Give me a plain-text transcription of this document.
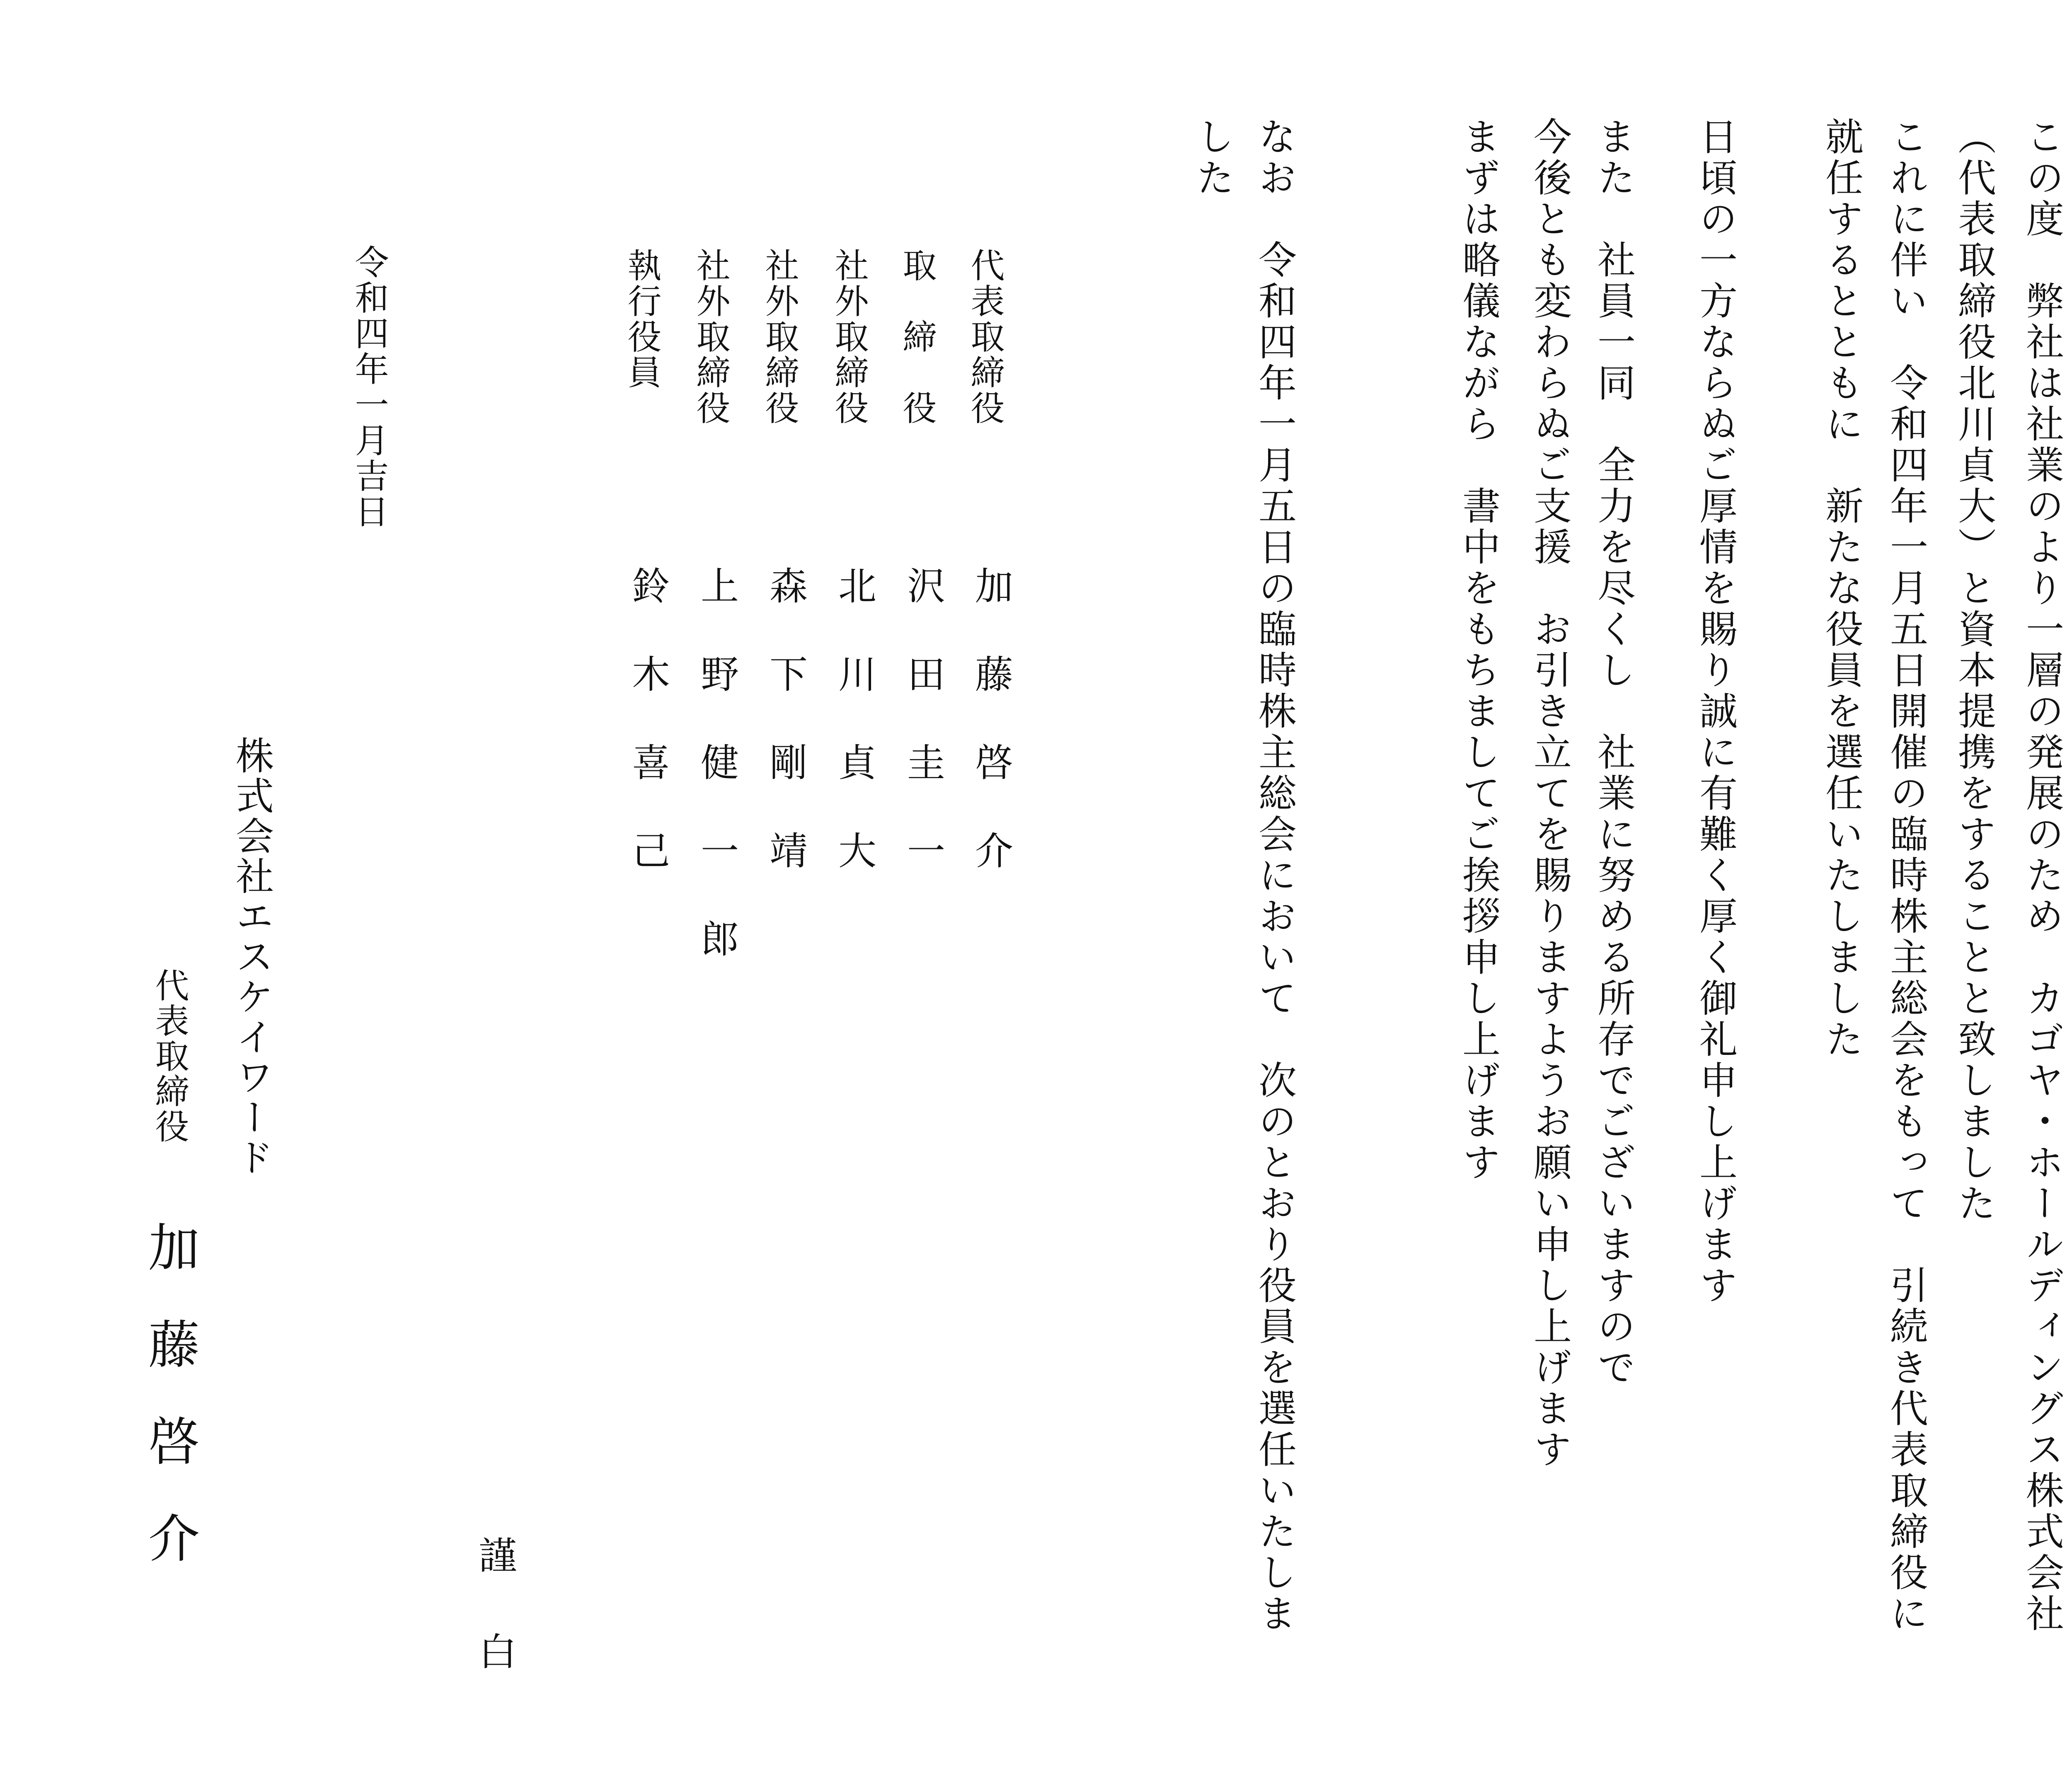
この度　弊社は社業のより一層の発展のため　カゴヤ・ホールディングス株式会社
（代表取締役北川貞大）と資本提携をすることと致しました
これに伴い　令和四年一月五日開催の臨時株主総会をもって　引続き代表取締役に
就任するとともに　新たな役員を選任いたしました
日頃の一方ならぬご厚情を賜り誠に有難く厚く御礼申し上げます
また　社員一同　全力を尽くし　社業に努める所存でございますので
今後とも変わらぬご支援　お引き立てを賜りますようお願い申し上げます
まずは略儀ながら　書中をもちましてご挨拶申し上げます
なお　令和四年一月五日の臨時株主総会において　次のとおり役員を選任いたしま
した
代表取締役
取　締　役
社外取締役
社外取締役
社外取締役
執行役員
加藤啓介
沢田圭一
北川貞大
森下剛靖
上野健一郎
鈴木喜己
謹白
令和四年一月吉日
株式会社エスケイワード
代表取締役
加藤啓介
